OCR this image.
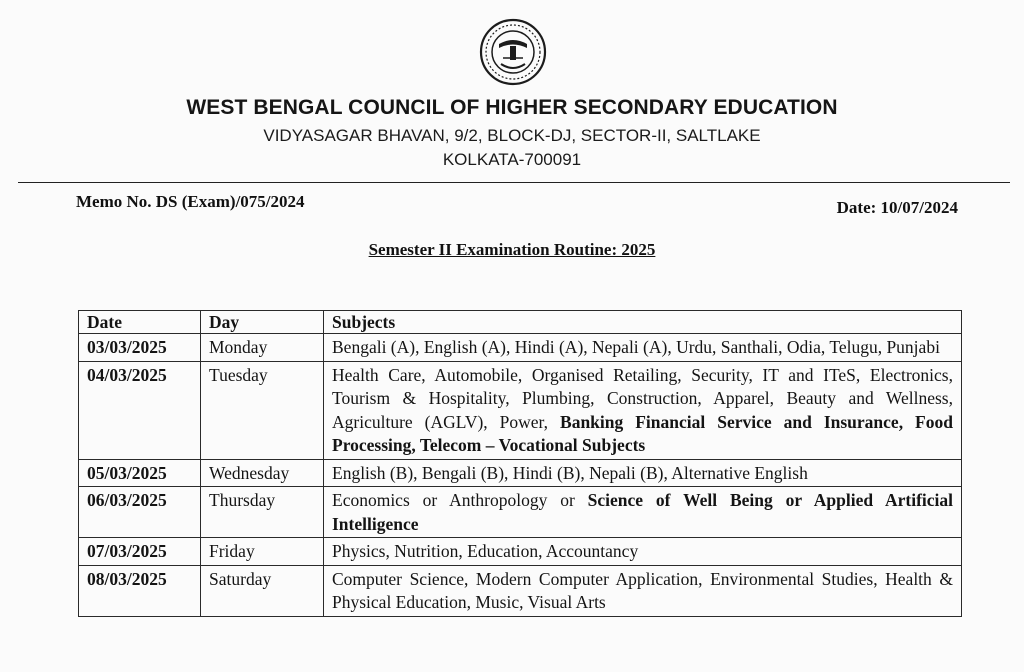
WEST BENGAL COUNCIL OF HIGHER SECONDARY EDUCATION
VIDYASAGAR BHAVAN, 9/2, BLOCK-DJ, SECTOR-II, SALTLAKE
KOLKATA-700091
Memo No. DS (Exam)/075/2024	Date: 10/07/2024
Semester II Examination Routine: 2025
Date	Day	Subjects
03/03/2025	Monday	Bengali (A), English (A), Hindi (A), Nepali (A), Urdu, Santhali, Odia, Telugu, Punjabi
04/03/2025	Tuesday	Health Care, Automobile, Organised Retailing, Security, IT and ITeS, Electronics, Tourism & Hospitality, Plumbing, Construction, Apparel, Beauty and Wellness, Agriculture (AGLV), Power, Banking Financial Service and Insurance, Food Processing, Telecom – Vocational Subjects
05/03/2025	Wednesday	English (B), Bengali (B), Hindi (B), Nepali (B), Alternative English
06/03/2025	Thursday	Economics or Anthropology or Science of Well Being or Applied Artificial Intelligence
07/03/2025	Friday	Physics, Nutrition, Education, Accountancy
08/03/2025	Saturday	Computer Science, Modern Computer Application, Environmental Studies, Health & Physical Education, Music, Visual Arts
